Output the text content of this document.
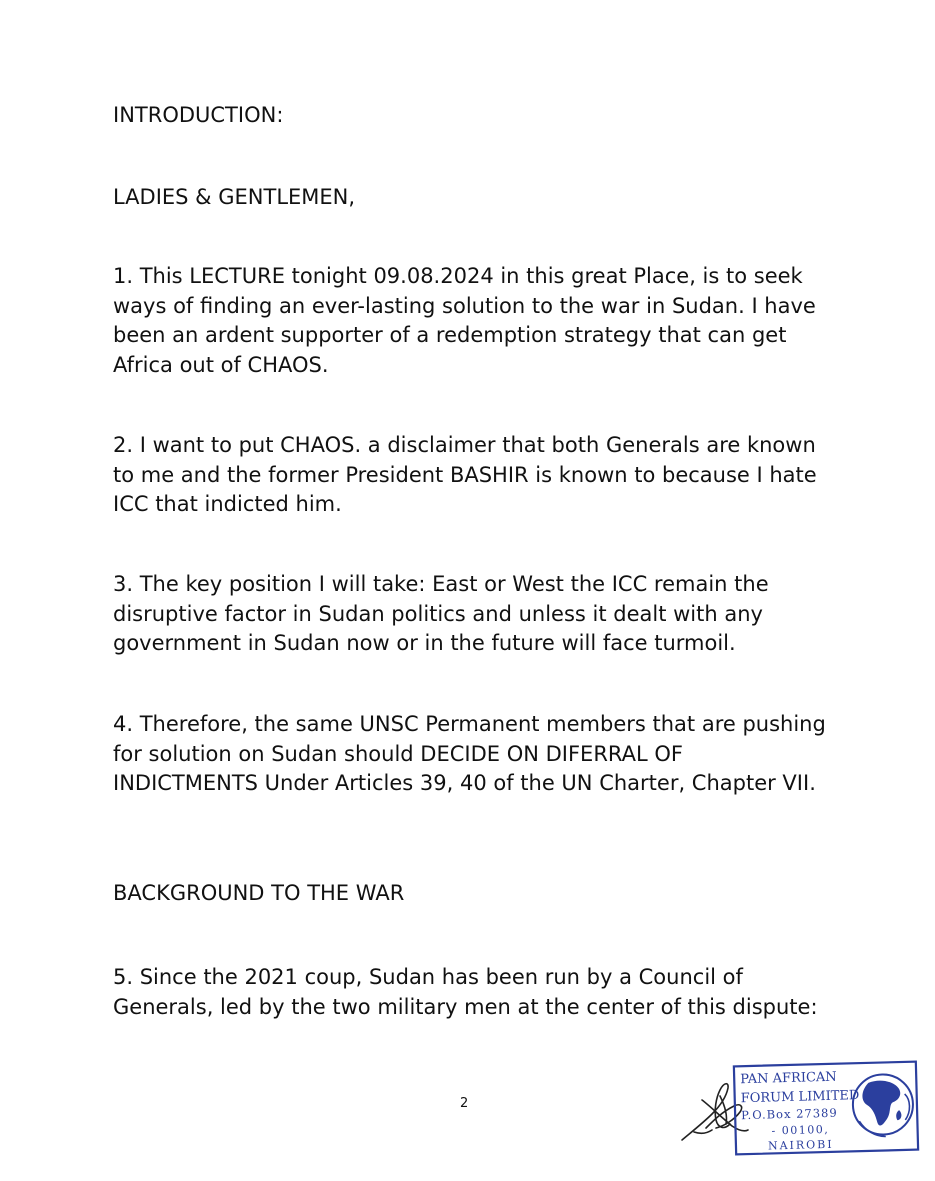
INTRODUCTION:

LADIES & GENTLEMEN,

1. This LECTURE tonight 09.08.2024 in this great Place, is to seek ways of finding an ever-lasting solution to the war in Sudan. I have been an ardent supporter of a redemption strategy that can get Africa out of CHAOS.

2. I want to put CHAOS. a disclaimer that both Generals are known to me and the former President BASHIR is known to because I hate ICC that indicted him.

3. The key position I will take: East or West the ICC remain the disruptive factor in Sudan politics and unless it dealt with any government in Sudan now or in the future will face turmoil.

4. Therefore, the same UNSC Permanent members that are pushing for solution on Sudan should DECIDE ON DIFERRAL OF INDICTMENTS Under Articles 39, 40 of the UN Charter, Chapter VII.

BACKGROUND TO THE WAR

5. Since the 2021 coup, Sudan has been run by a Council of Generals, led by the two military men at the center of this dispute:

2
PAN AFRICAN
FORUM LIMITED
P.O.Box 27389
- 00100,
NAIROBI
